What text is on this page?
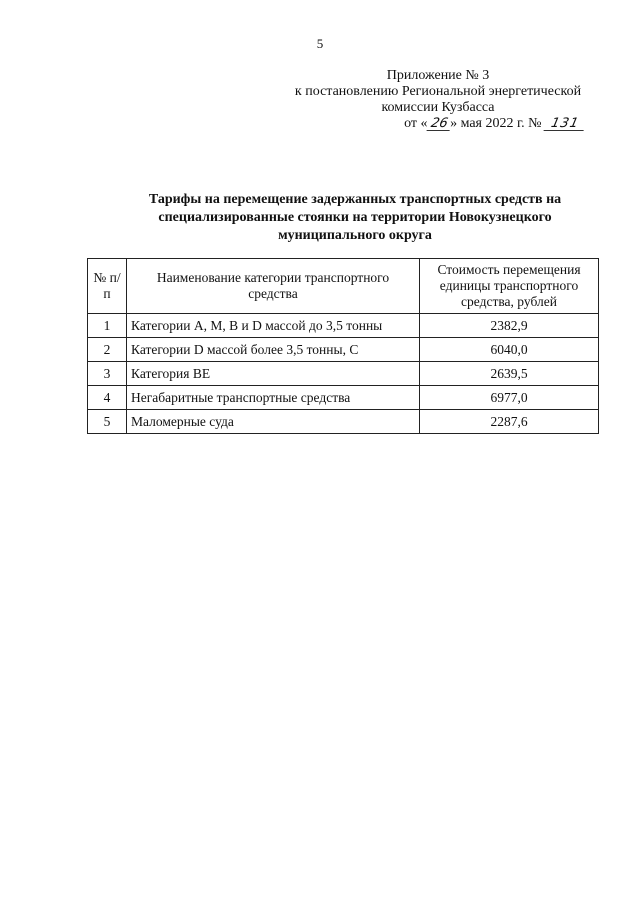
5
Приложение № 3
к постановлению Региональной энергетической
комиссии Кузбасса
от « 26» мая 2022 г. № 131
Тарифы на перемещение задержанных транспортных средств на
специализированные стоянки на территории Новокузнецкого
муниципального округа
№ п/п	Наименование категории транспортного средства	Стоимость перемещения единицы транспортного средства, рублей
1	Категории A, M, B и D массой до 3,5 тонны	2382,9
2	Категории D массой более 3,5 тонны, C	6040,0
3	Категория BE	2639,5
4	Негабаритные транспортные средства	6977,0
5	Маломерные суда	2287,6
